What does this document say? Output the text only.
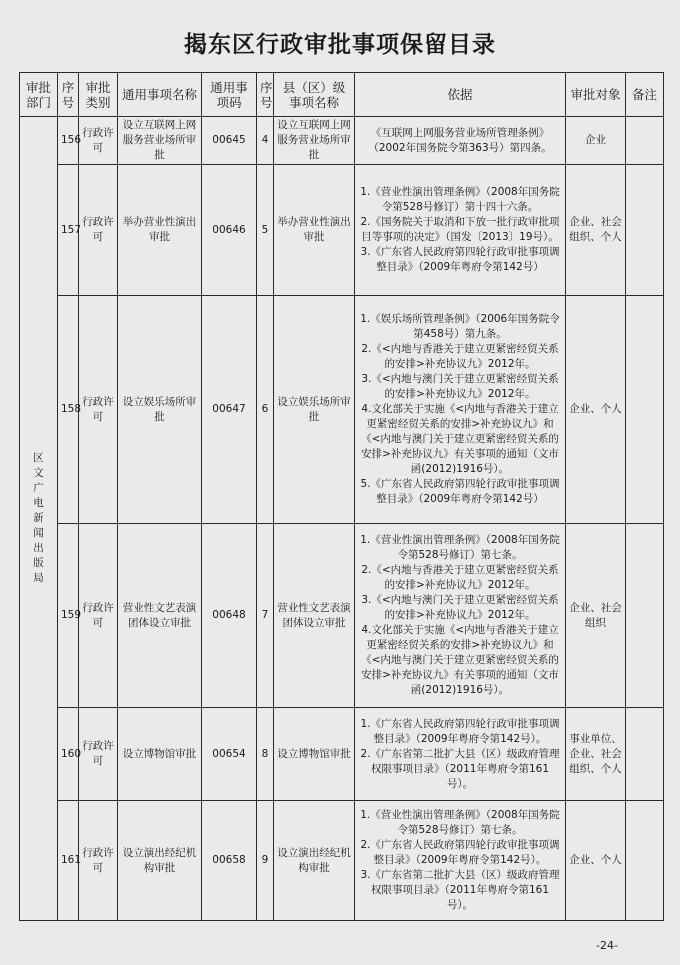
揭东区行政审批事项保留目录
审批部门	序号	审批类别	通用事项名称	通用事项码	序号	县（区）级事项名称	依据	审批对象	备注
区文广电新闻出版局	156	行政许可	设立互联网上网服务营业场所审批	00645	4	设立互联网上网服务营业场所审批	《互联网上网服务营业场所管理条例》（2002年国务院令第363号）第四条。	企业	
	157	行政许可	举办营业性演出审批	00646	5	举办营业性演出审批	1.《营业性演出管理条例》（2008年国务院令第528号修订）第十四十六条。
2.《国务院关于取消和下放一批行政审批项目等事项的决定》（国发〔2013〕19号）。
3.《广东省人民政府第四轮行政审批事项调整目录》（2009年粤府令第142号）	企业、社会组织、个人	
	158	行政许可	设立娱乐场所审批	00647	6	设立娱乐场所审批	1.《娱乐场所管理条例》（2006年国务院令第458号）第九条。
2.《<内地与香港关于建立更紧密经贸关系的安排>补充协议九》2012年。
3.《<内地与澳门关于建立更紧密经贸关系的安排>补充协议九》2012年。
4.文化部关于实施《<内地与香港关于建立更紧密经贸关系的安排>补充协议九》和《<内地与澳门关于建立更紧密经贸关系的安排>补充协议九》有关事项的通知（文市函(2012)1916号）。
5.《广东省人民政府第四轮行政审批事项调整目录》（2009年粤府令第142号）	企业、个人	
	159	行政许可	营业性文艺表演团体设立审批	00648	7	营业性文艺表演团体设立审批	1.《营业性演出管理条例》（2008年国务院令第528号修订）第七条。
2.《<内地与香港关于建立更紧密经贸关系的安排>补充协议九》2012年。
3.《<内地与澳门关于建立更紧密经贸关系的安排>补充协议九》2012年。
4.文化部关于实施《<内地与香港关于建立更紧密经贸关系的安排>补充协议九》和《<内地与澳门关于建立更紧密经贸关系的安排>补充协议九》有关事项的通知（文市函(2012)1916号）。	企业、社会组织	
	160	行政许可	设立博物馆审批	00654	8	设立博物馆审批	1.《广东省人民政府第四轮行政审批事项调整目录》（2009年粤府令第142号）。
2.《广东省第二批扩大县（区）级政府管理权限事项目录》（2011年粤府令第161号）。	事业单位、企业、社会组织、个人	
	161	行政许可	设立演出经纪机构审批	00658	9	设立演出经纪机构审批	1.《营业性演出管理条例》（2008年国务院令第528号修订）第七条。
2.《广东省人民政府第四轮行政审批事项调整目录》（2009年粤府令第142号）。
3.《广东省第二批扩大县（区）级政府管理权限事项目录》（2011年粤府令第161号）。	企业、个人	
-24-
